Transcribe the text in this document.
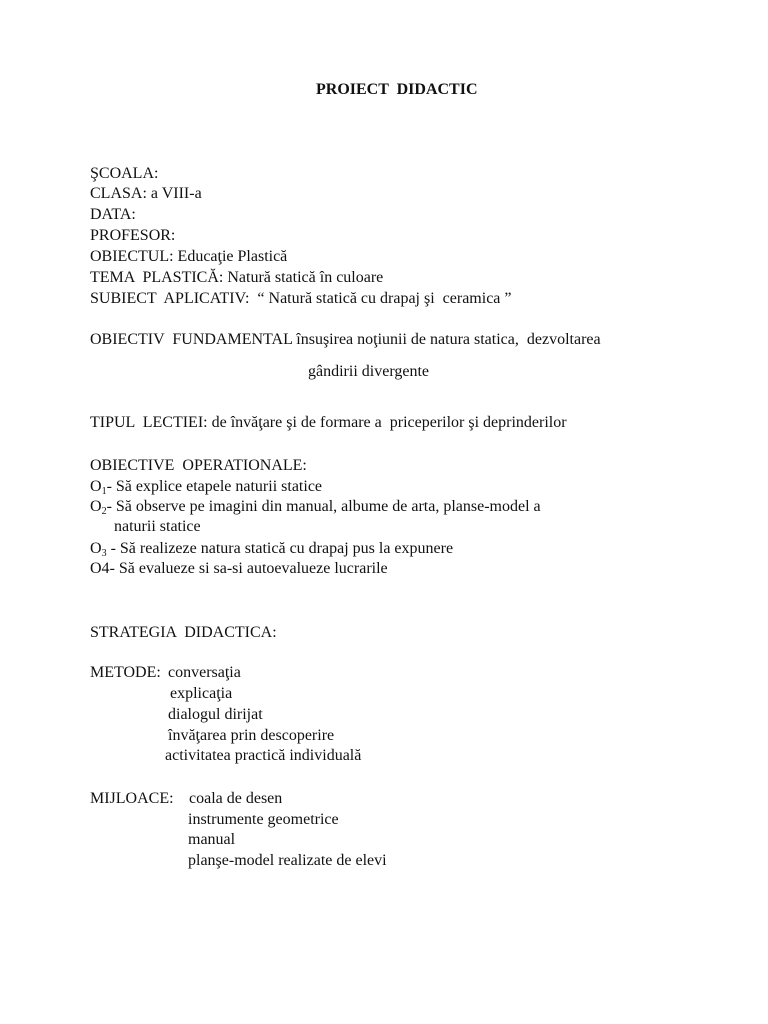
PROIECT  DIDACTIC
ŞCOALA:
CLASA: a VIII-a
DATA:
PROFESOR:
OBIECTUL: Educaţie Plastică
TEMA  PLASTICĂ: Natură statică în culoare
SUBIECT  APLICATIV:  “ Natură statică cu drapaj şi  ceramica ”
OBIECTIV  FUNDAMENTAL însuşirea noţiunii de natura statica,  dezvoltarea
gândirii divergente
TIPUL  LECTIEI: de învăţare şi de formare a  priceperilor şi deprinderilor
OBIECTIVE  OPERATIONALE:
$O_1-$ Să explice etapele naturii statice
$O_2-$ Să observe pe imagini din manual, albume de arta, planse-model a
naturii statice
$O_3$ - Să realizeze natura statică cu drapaj pus la expunere
O4- Să evalueze si sa-si autoevalueze lucrarile
STRATEGIA  DIDACTICA:
METODE: conversaţia
explicaţia
dialogul dirijat
învăţarea prin descoperire
activitatea practică individuală
MIJLOACE: coala de desen
instrumente geometrice
manual
planşe-model realizate de elevi
